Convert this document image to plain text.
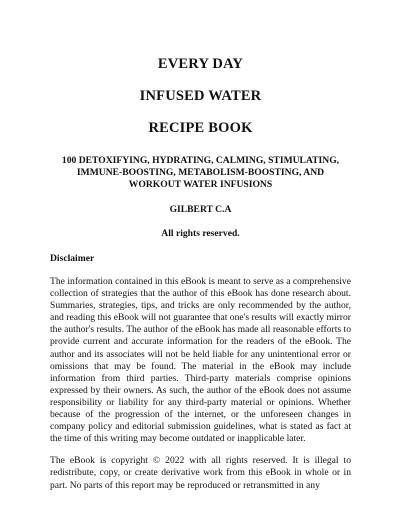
EVERY DAY
INFUSED WATER
RECIPE BOOK

100 DETOXIFYING, HYDRATING, CALMING, STIMULATING, IMMUNE-BOOSTING, METABOLISM-BOOSTING, AND WORKOUT WATER INFUSIONS

GILBERT C.A

All rights reserved.

Disclaimer

The information contained in this eBook is meant to serve as a comprehensive collection of strategies that the author of this eBook has done research about. Summaries, strategies, tips, and tricks are only recommended by the author, and reading this eBook will not guarantee that one's results will exactly mirror the author's results. The author of the eBook has made all reasonable efforts to provide current and accurate information for the readers of the eBook. The author and its associates will not be held liable for any unintentional error or omissions that may be found. The material in the eBook may include information from third parties. Third-party materials comprise opinions expressed by their owners. As such, the author of the eBook does not assume responsibility or liability for any third-party material or opinions. Whether because of the progression of the internet, or the unforeseen changes in company policy and editorial submission guidelines, what is stated as fact at the time of this writing may become outdated or inapplicable later.

The eBook is copyright © 2022 with all rights reserved. It is illegal to redistribute, copy, or create derivative work from this eBook in whole or in part. No parts of this report may be reproduced or retransmitted in any
